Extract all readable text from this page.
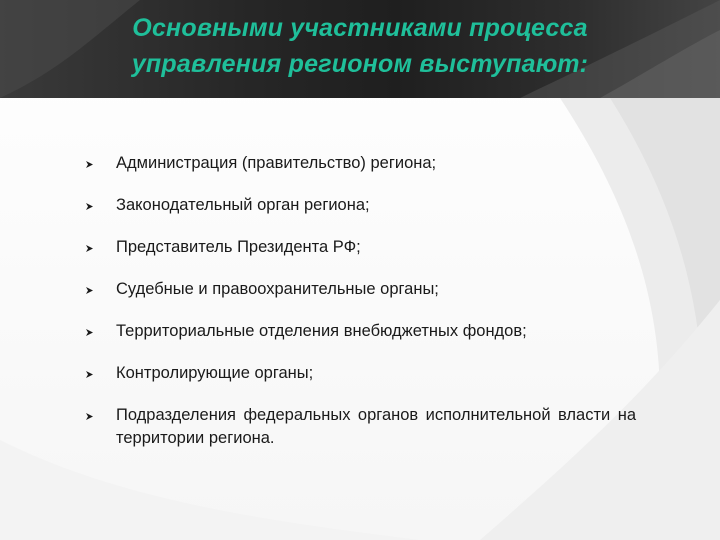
Основными участниками процесса
управления регионом выступают:
Администрация (правительство) региона;
Законодательный орган региона;
Представитель Президента РФ;
Судебные и правоохранительные органы;
Территориальные отделения внебюджетных фондов;
Контролирующие органы;
Подразделения федеральных органов исполнительной власти на территории региона.
